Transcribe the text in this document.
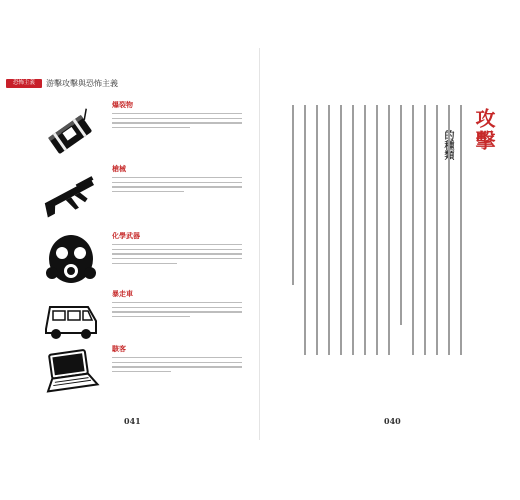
恐怖主義	游擊攻擊與恐怖主義
爆裂物
槍械
化學武器
暴走車
駭客
041	040
攻擊
